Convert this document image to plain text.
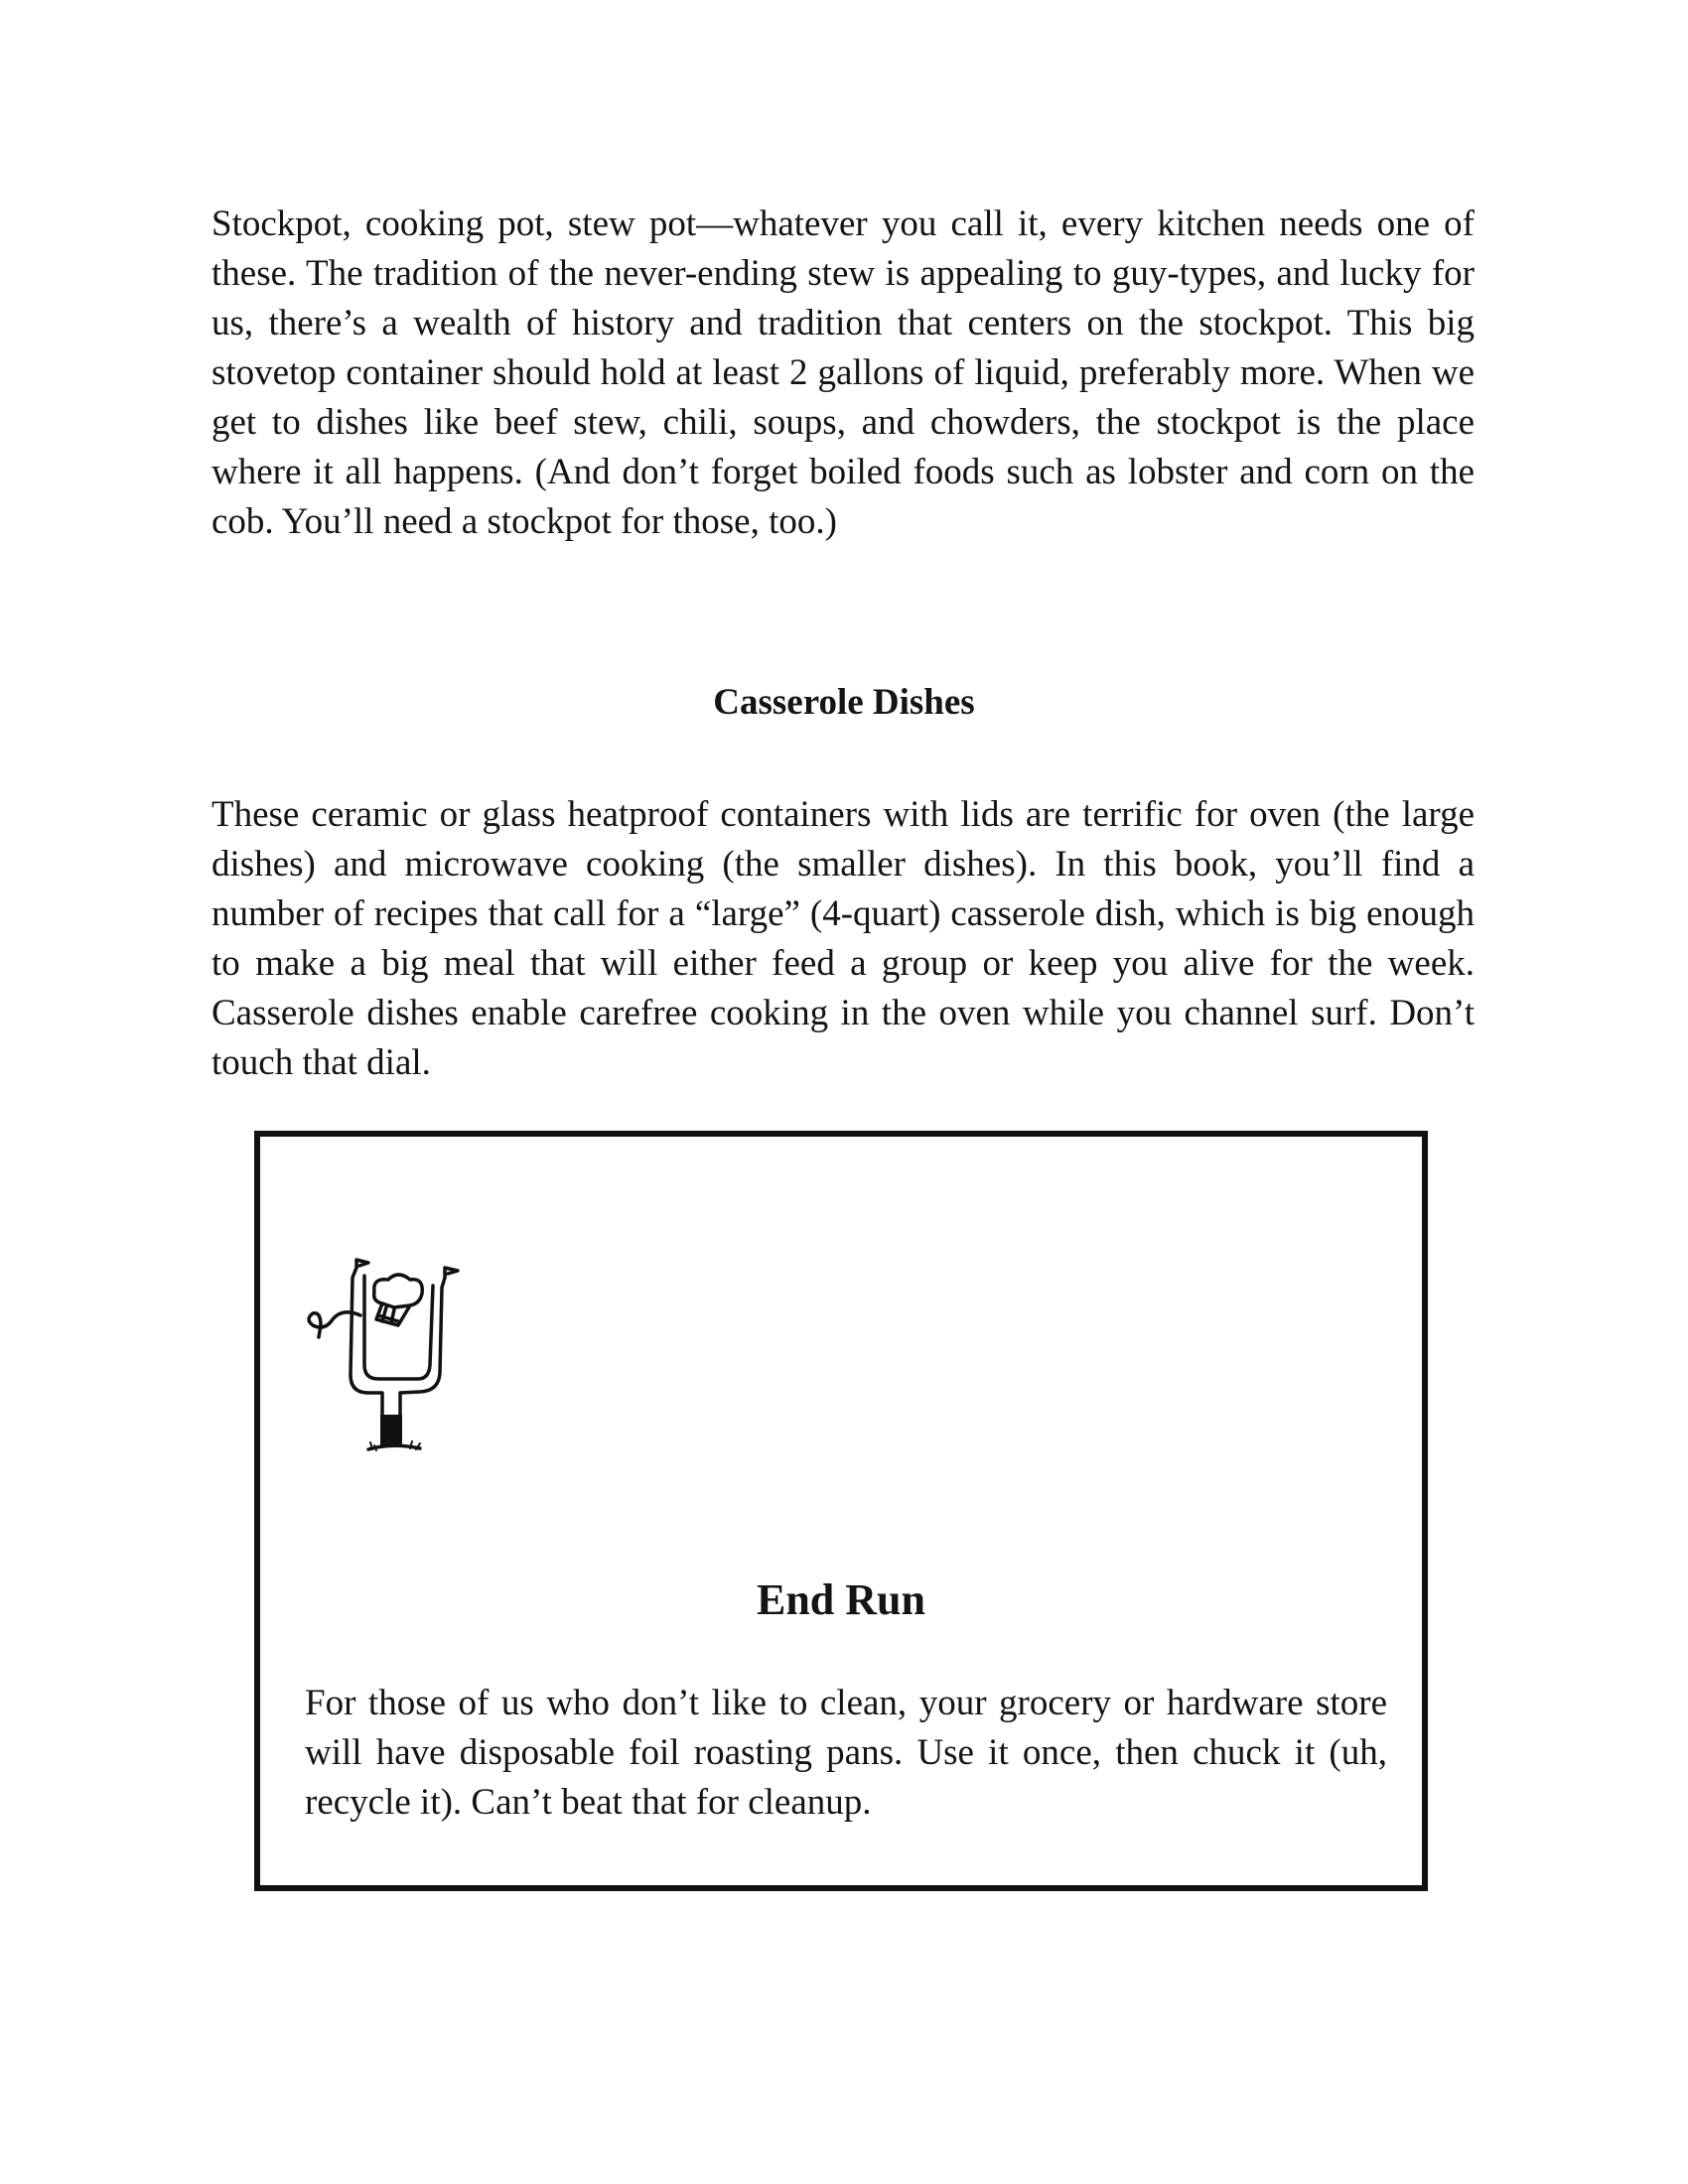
Stockpot, cooking pot, stew pot—whatever you call it, every kitchen needs one of these. The tradition of the never-ending stew is appealing to guy-types, and lucky for us, there’s a wealth of history and tradition that centers on the stockpot. This big stovetop container should hold at least 2 gallons of liquid, preferably more. When we get to dishes like beef stew, chili, soups, and chowders, the stockpot is the place where it all happens. (And don’t forget boiled foods such as lobster and corn on the cob. You’ll need a stockpot for those, too.)

Casserole Dishes

These ceramic or glass heatproof containers with lids are terrific for oven (the large dishes) and microwave cooking (the smaller dishes). In this book, you’ll find a number of recipes that call for a “large” (4-quart) casserole dish, which is big enough to make a big meal that will either feed a group or keep you alive for the week. Casserole dishes enable carefree cooking in the oven while you channel surf. Don’t touch that dial.

End Run

For those of us who don’t like to clean, your grocery or hardware store will have disposable foil roasting pans. Use it once, then chuck it (uh, recycle it). Can’t beat that for cleanup.
